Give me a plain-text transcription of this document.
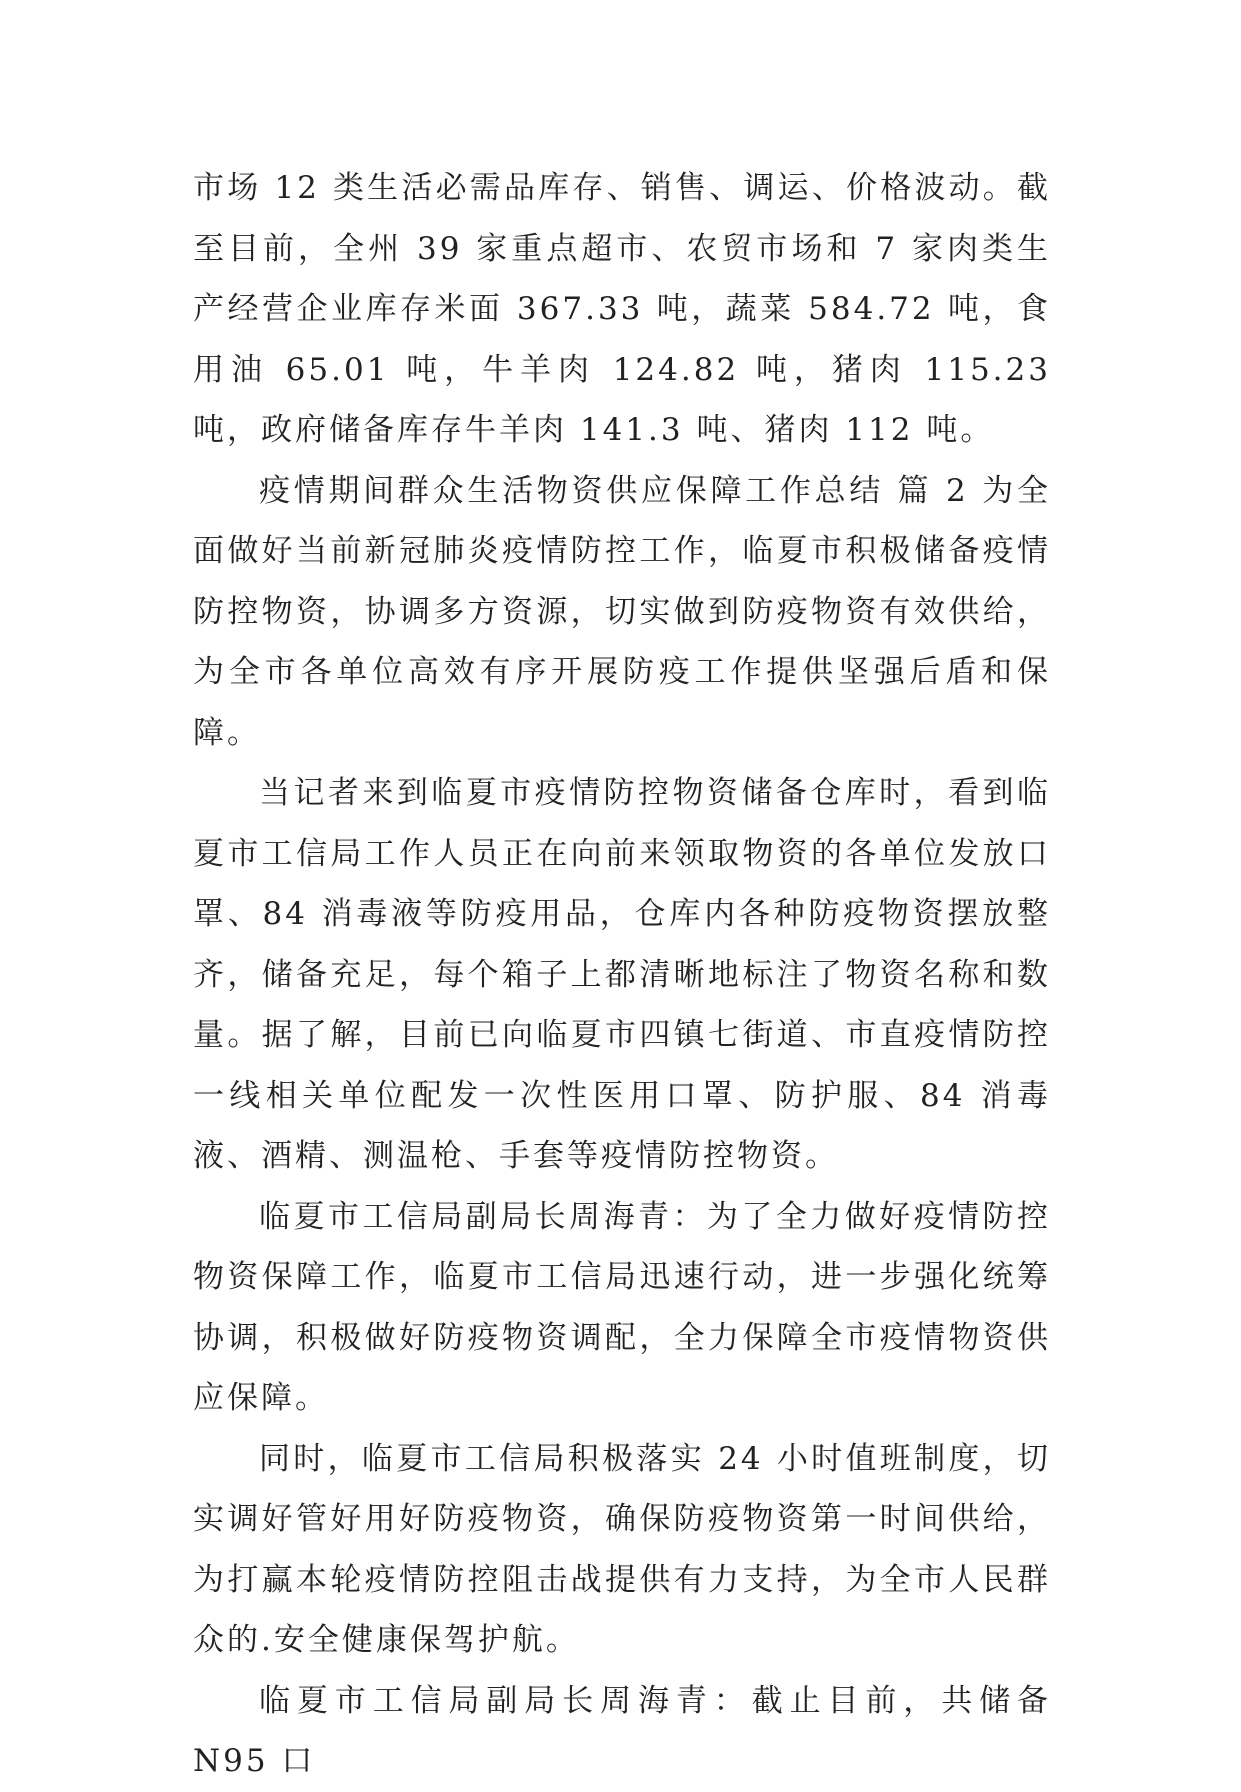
市场 12 类生活必需品库存、销售、调运、价格波动。截至目前，全州 39 家重点超市、农贸市场和 7 家肉类生产经营企业库存米面 367.33 吨，蔬菜 584.72 吨，食用油 65.01 吨，牛羊肉 124.82 吨，猪肉 115.23 吨，政府储备库存牛羊肉 141.3 吨、猪肉 112 吨。

疫情期间群众生活物资供应保障工作总结 篇 2 为全面做好当前新冠肺炎疫情防控工作，临夏市积极储备疫情防控物资，协调多方资源，切实做到防疫物资有效供给，为全市各单位高效有序开展防疫工作提供坚强后盾和保障。

当记者来到临夏市疫情防控物资储备仓库时，看到临夏市工信局工作人员正在向前来领取物资的各单位发放口罩、84 消毒液等防疫用品，仓库内各种防疫物资摆放整齐，储备充足，每个箱子上都清晰地标注了物资名称和数量。据了解，目前已向临夏市四镇七街道、市直疫情防控一线相关单位配发一次性医用口罩、防护服、84 消毒液、酒精、测温枪、手套等疫情防控物资。

临夏市工信局副局长周海青：为了全力做好疫情防控物资保障工作，临夏市工信局迅速行动，进一步强化统筹协调，积极做好防疫物资调配，全力保障全市疫情物资供应保障。

同时，临夏市工信局积极落实 24 小时值班制度，切实调好管好用好防疫物资，确保防疫物资第一时间供给，为打赢本轮疫情防控阻击战提供有力支持，为全市人民群众的.安全健康保驾护航。

临夏市工信局副局长周海青：截止目前，共储备 N95 口
